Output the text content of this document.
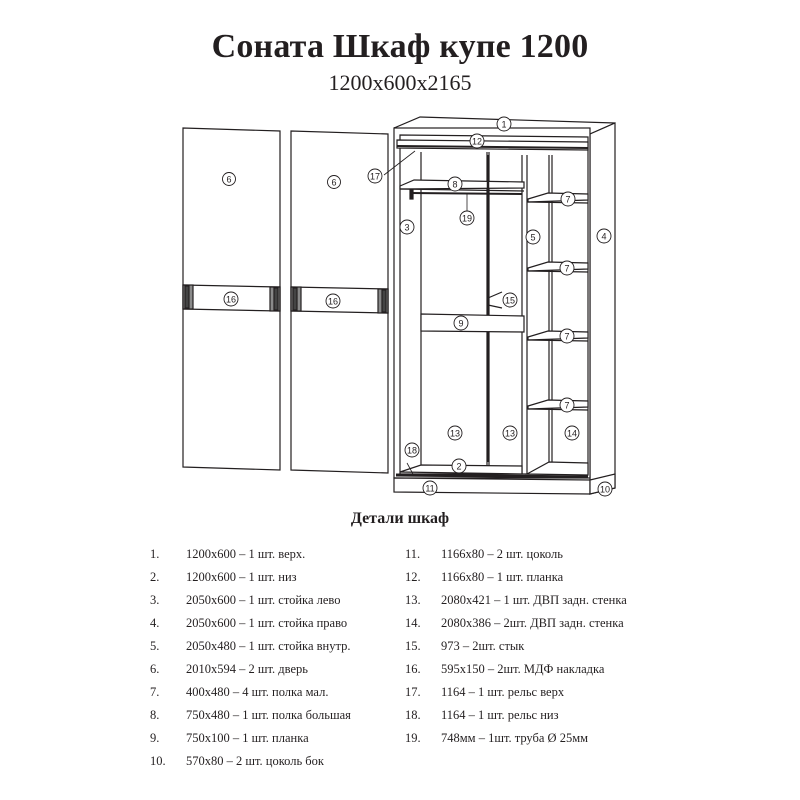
Соната Шкаф купе 1200
1200х600х2165
6	6
16	16
1
12
17
8
19
3
5	4
7
7
7
7
15
9
13	13	14
18
2
11	10
Детали шкаф
1.	1200х600 – 1 шт. верх.
2.	1200х600 – 1 шт. низ
3.	2050х600 – 1 шт. стойка лево
4.	2050х600 – 1 шт. стойка право
5.	2050х480 – 1 шт. стойка внутр.
6.	2010х594 – 2 шт. дверь
7.	400х480 – 4 шт. полка мал.
8.	750х480 – 1 шт. полка большая
9.	750х100 – 1 шт. планка
10.	570х80 – 2 шт. цоколь бок
11.	1166х80 – 2 шт. цоколь
12.	1166х80 – 1 шт. планка
13.	2080х421 – 1 шт. ДВП задн. стенка
14.	2080х386 – 2шт. ДВП задн. стенка
15.	973 – 2шт. стык
16.	595х150 – 2шт. МДФ накладка
17.	1164 – 1 шт. рельс верх
18.	1164 – 1 шт. рельс низ
19.	748мм – 1шт. труба Ø 25мм
